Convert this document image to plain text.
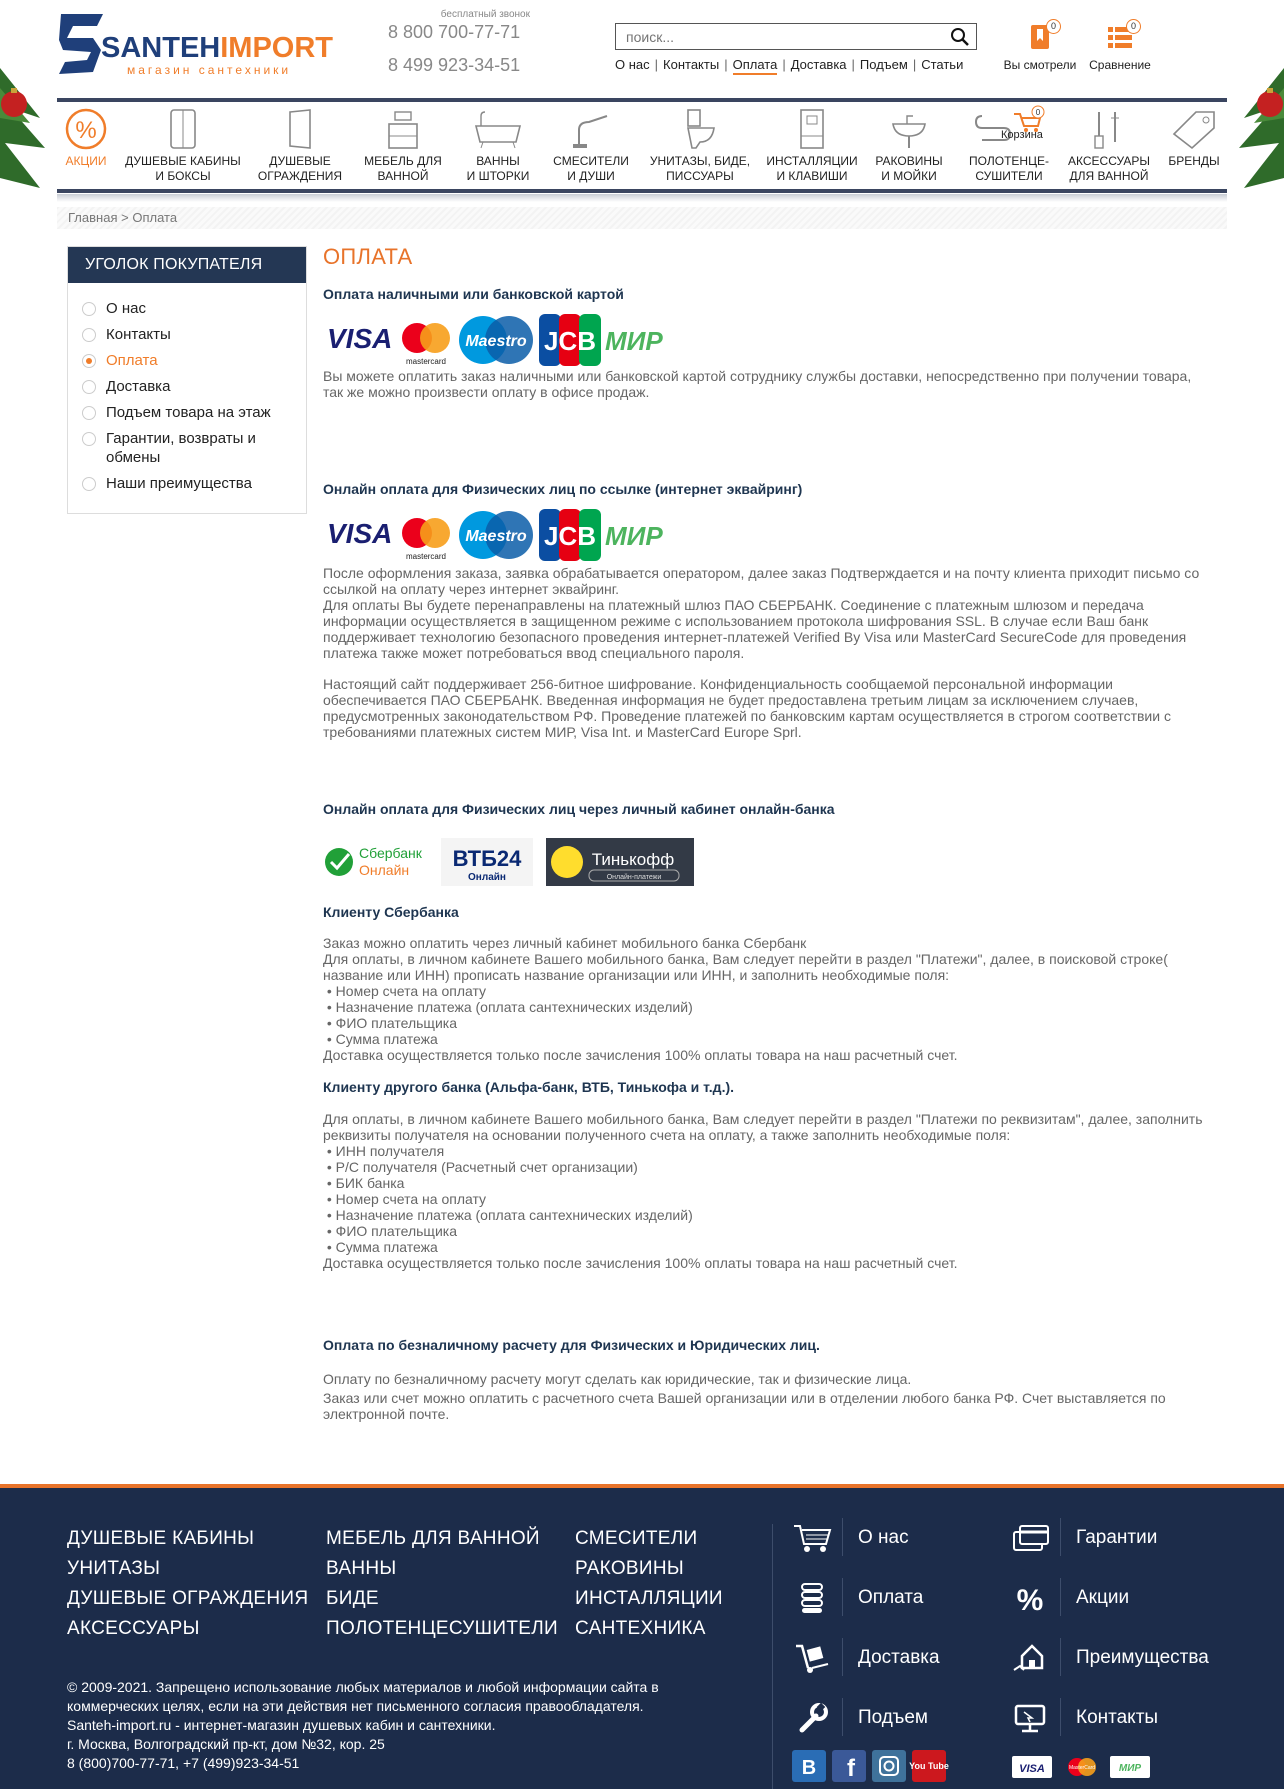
SANTEHIMPORT
магазин сантехники
бесплатный звонок
8 800 700-77-71
8 499 923-34-51
поиск...	О нас | Контакты | Оплата | Доставка | Подъем | Статьи
0
Вы смотрели
0
Сравнение
%
АКЦИИ	ДУШЕВЫЕ КАБИНЫ
И БОКСЫ
ДУШЕВЫЕ
ОГРАЖДЕНИЯ
МЕБЕЛЬ ДЛЯ
ВАННОЙ
ВАННЫ
И ШТОРКИ
СМЕСИТЕЛИ
И ДУШИ
УНИТАЗЫ, БИДЕ,
ПИССУАРЫ
ИНСТАЛЛЯЦИИ
И КЛАВИШИ
РАКОВИНЫ
И МОЙКИ
0
ПОЛОТЕНЦЕ-
СУШИТЕЛИ
Корзина
АКСЕССУАРЫ
ДЛЯ ВАННОЙ
БРЕНДЫ
Главная > Оплата
УГОЛОК ПОКУПАТЕЛЯ
О нас
Контакты
Оплата
Доставка
Подъем товара на этаж
Гарантии, возвраты и обмены
Наши преимущества
ОПЛАТА
Оплата наличными или банковской картой
VISA
mastercard
Maestro JCB МИР
Вы можете оплатить заказ наличными или банковской картой сотруднику службы доставки, непосредственно при получении товара, так же можно произвести оплату в офисе продаж.
Онлайн оплата для Физических лиц по ссылке (интернет эквайринг)
VISA
mastercard
Maestro JCB МИР
После оформления заказа, заявка обрабатывается оператором, далее заказ Подтверждается и на почту клиента приходит письмо со ссылкой на оплату через интернет эквайринг.
Для оплаты Вы будете перенаправлены на платежный шлюз ПАО СБЕРБАНК. Соединение с платежным шлюзом и передача информации осуществляется в защищенном режиме с использованием протокола шифрования SSL. В случае если Ваш банк поддерживает технологию безопасного проведения интернет-платежей Verified By Visa или MasterCard SecureCode для проведения платежа также может потребоваться ввод специального пароля.
Настоящий сайт поддерживает 256-битное шифрование. Конфиденциальность сообщаемой персональной информации обеспечивается ПАО СБЕРБАНК. Введенная информация не будет предоставлена третьим лицам за исключением случаев, предусмотренных законодательством РФ. Проведение платежей по банковским картам осуществляется в строгом соответствии с требованиями платежных систем МИР, Visa Int. и MasterCard Europe Sprl.
Онлайн оплата для Физических лиц через личный кабинет онлайн-банка
Сбербанк
Онлайн ВТБ24
Онлайн
Тинькофф
Онлайн-платежи
Клиенту Сбербанка
Заказ можно оплатить через личный кабинет мобильного банка Сбербанк
Для оплаты, в личном кабинете Вашего мобильного банка, Вам следует перейти в раздел "Платежи", далее, в поисковой строке( название или ИНН) прописать название организации или ИНН, и заполнить необходимые поля:
• Номер счета на оплату
• Назначение платежа (оплата сантехнических изделий)
• ФИО плательщика
• Сумма платежа
Доставка осуществляется только после зачисления 100% оплаты товара на наш расчетный счет.
Клиенту другого банка (Альфа-банк, ВТБ, Тинькофа и т.д.).
Для оплаты, в личном кабинете Вашего мобильного банка, Вам следует перейти в раздел "Платежи по реквизитам", далее, заполнить реквизиты получателя на основании полученного счета на оплату, а также заполнить необходимые поля:
• ИНН получателя
• Р/С получателя (Расчетный счет организации)
• БИК банка
• Номер счета на оплату
• Назначение платежа (оплата сантехнических изделий)
• ФИО плательщика
• Сумма платежа
Доставка осуществляется только после зачисления 100% оплаты товара на наш расчетный счет.
Оплата по безналичному расчету для Физических и Юридических лиц.
Оплату по безналичному расчету могут сделать как юридические, так и физические лица.
Заказ или счет можно оплатить с расчетного счета Вашей организации или в отделении любого банка РФ. Счет выставляется по электронной почте.
ДУШЕВЫЕ КАБИНЫ
УНИТАЗЫ
ДУШЕВЫЕ ОГРАЖДЕНИЯ
АКСЕССУАРЫ
МЕБЕЛЬ ДЛЯ ВАННОЙ
ВАННЫ
БИДЕ
ПОЛОТЕНЦЕСУШИТЕЛИ
СМЕСИТЕЛИ
РАКОВИНЫ
ИНСТАЛЛЯЦИИ
САНТЕХНИКА
О нас	Гарантии
Оплата	% Акции
Доставка	Преимущества
Подъем	Контакты
© 2009-2021. Запрещено использование любых материалов и любой информации сайта в коммерческих целях, если на эти действия нет письменного согласия правообладателя.
Santeh-import.ru - интернет-магазин душевых кабин и сантехники.
г. Москва, Волгоградский пр-кт, дом №32, кор. 25
8 (800)700-77-71, +7 (499)923-34-51	В f	ig
You Tube	VISA	MasterCard МИР
